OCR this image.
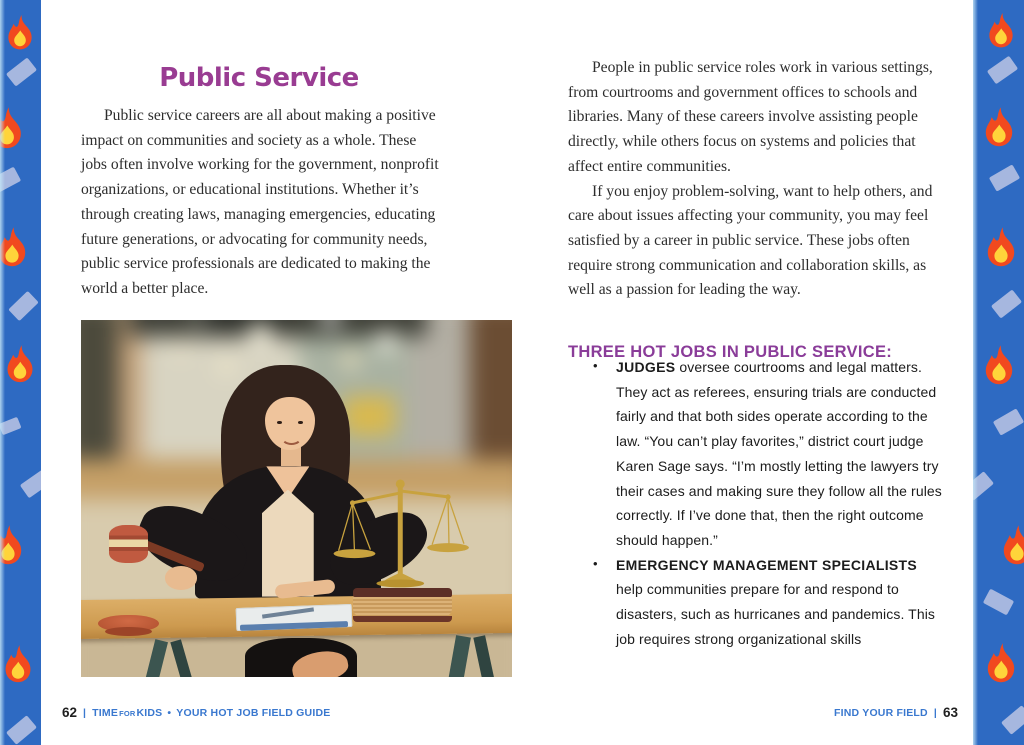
Public Service

Public service careers are all about making a positive impact on communities and society as a whole. These jobs often involve working for the government, nonprofit organizations, or educational institutions. Whether it’s through creating laws, managing emergencies, educating future generations, or advocating for community needs, public service professionals are dedicated to making the world a better place.

People in public service roles work in various settings, from courtrooms and government offices to schools and libraries. Many of these careers involve assisting people directly, while others focus on systems and policies that affect entire communities.

If you enjoy problem-solving, want to help others, and care about issues affecting your community, you may feel satisfied by a career in public service. These jobs often require strong communication and collaboration skills, as well as a passion for leading the way.

THREE HOT JOBS IN PUBLIC SERVICE:
• JUDGES oversee courtrooms and legal matters. They act as referees, ensuring trials are conducted fairly and that both sides operate according to the law. “You can’t play favorites,” district court judge Karen Sage says. “I’m mostly letting the lawyers try their cases and making sure they follow all the rules correctly. If I’ve done that, then the right outcome should happen.”
• EMERGENCY MANAGEMENT SPECIALISTS help communities prepare for and respond to disasters, such as hurricanes and pandemics. This job requires strong organizational skills
62 | TIMEFORKIDS • YOUR HOT JOB FIELD GUIDE	FIND YOUR FIELD | 63
